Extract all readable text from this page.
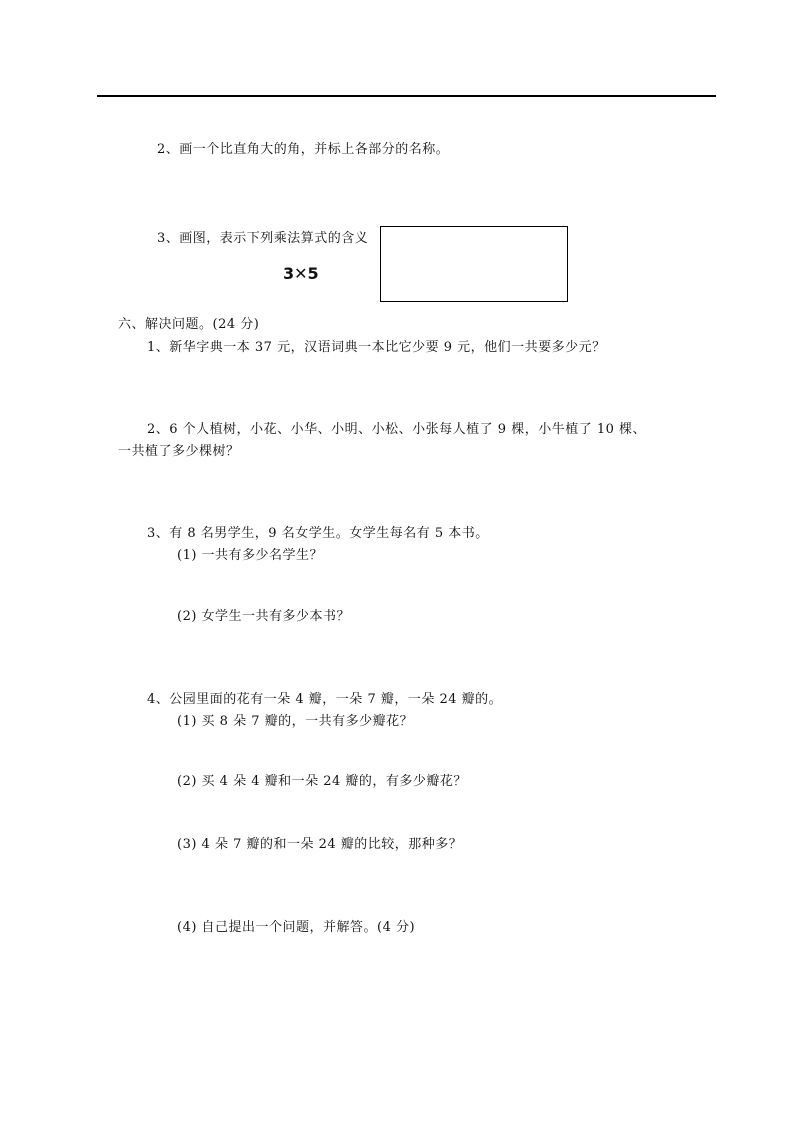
2、画一个比直角大的角，并标上各部分的名称。
3、画图，表示下列乘法算式的含义
3✕5
六、解决问题。(24 分)
1、新华字典一本 37 元，汉语词典一本比它少要 9 元，他们一共要多少元？
2、6 个人植树，小花、小华、小明、小松、小张每人植了 9 棵，小牛植了 10 棵、
一共植了多少棵树？
3、有 8 名男学生，9 名女学生。女学生每名有 5 本书。
(1) 一共有多少名学生？
(2) 女学生一共有多少本书？
4、公园里面的花有一朵 4 瓣，一朵 7 瓣，一朵 24 瓣的。
(1) 买 8 朵 7 瓣的，一共有多少瓣花？
(2) 买 4 朵 4 瓣和一朵 24 瓣的，有多少瓣花？
(3) 4 朵 7 瓣的和一朵 24 瓣的比较，那种多？
(4) 自己提出一个问题，并解答。(4 分)
